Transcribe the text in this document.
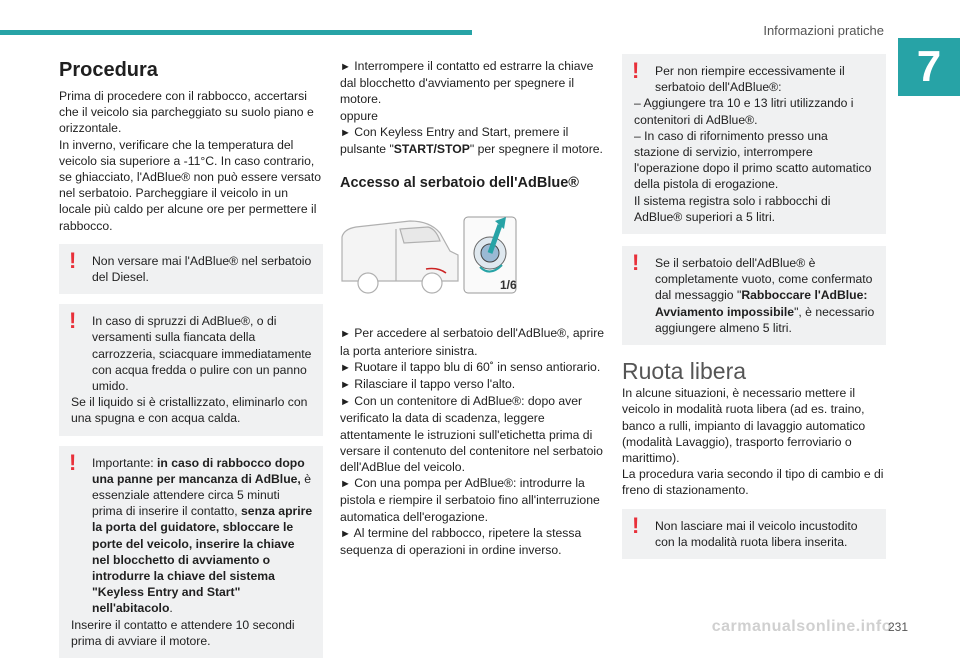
Informazioni pratiche
7
Procedura

Prima di procedere con il rabbocco, accertarsi che il veicolo sia parcheggiato su suolo piano e orizzontale.

In inverno, verificare che la temperatura del veicolo sia superiore a -11°C. In caso contrario, se ghiacciato, l'AdBlue® non può essere versato nel serbatoio. Parcheggiare il veicolo in un locale più caldo per alcune ore per permettere il rabbocco.

!	Non versare mai l'AdBlue® nel serbatoio del Diesel.

!	In caso di spruzzi di AdBlue®, o di versamenti sulla fiancata della carrozzeria, sciacquare immediatamente con acqua fredda o pulire con un panno umido.

Se il liquido si è cristallizzato, eliminarlo con una spugna e con acqua calda.

!	Importante: in caso di rabbocco dopo una panne per mancanza di AdBlue, è essenziale attendere circa 5 minuti prima di inserire il contatto, senza aprire la porta del guidatore, sbloccare le porte del veicolo, inserire la chiave nel blocchetto di avviamento o introdurre la chiave del sistema "Keyless Entry and Start" nell'abitacolo.

Inserire il contatto e attendere 10 secondi prima di avviare il motore.

► Interrompere il contatto ed estrarre la chiave dal blocchetto d'avviamento per spegnere il motore.

oppure

► Con Keyless Entry and Start, premere il pulsante "START/STOP" per spegnere il motore.

Accesso al serbatoio dell'AdBlue®
1/6

► Per accedere al serbatoio dell'AdBlue®, aprire la porta anteriore sinistra.

► Ruotare il tappo blu di 60˚ in senso antiorario.

► Rilasciare il tappo verso l'alto.

► Con un contenitore di AdBlue®: dopo aver verificato la data di scadenza, leggere attentamente le istruzioni sull'etichetta prima di versare il contenuto del contenitore nel serbatoio dell'AdBlue del veicolo.

► Con una pompa per AdBlue®: introdurre la pistola e riempire il serbatoio fino all'interruzione automatica dell'erogazione.

► Al termine del rabbocco, ripetere la stessa sequenza di operazioni in ordine inverso.

!	Per non riempire eccessivamente il serbatoio dell'AdBlue®:

– Aggiungere tra 10 e 13 litri utilizzando i contenitori di AdBlue®.

– In caso di rifornimento presso una stazione di servizio, interrompere l'operazione dopo il primo scatto automatico della pistola di erogazione.

Il sistema registra solo i rabbocchi di AdBlue® superiori a 5 litri.

!	Se il serbatoio dell'AdBlue® è completamente vuoto, come confermato dal messaggio "Rabboccare l'AdBlue: Avviamento impossibile", è necessario aggiungere almeno 5 litri.

Ruota libera

In alcune situazioni, è necessario mettere il veicolo in modalità ruota libera (ad es. traino, banco a rulli, impianto di lavaggio automatico (modalità Lavaggio), trasporto ferroviario o marittimo).

La procedura varia secondo il tipo di cambio e di freno di stazionamento.

!	Non lasciare mai il veicolo incustodito con la modalità ruota libera inserita.

carmanualsonline.info
231
